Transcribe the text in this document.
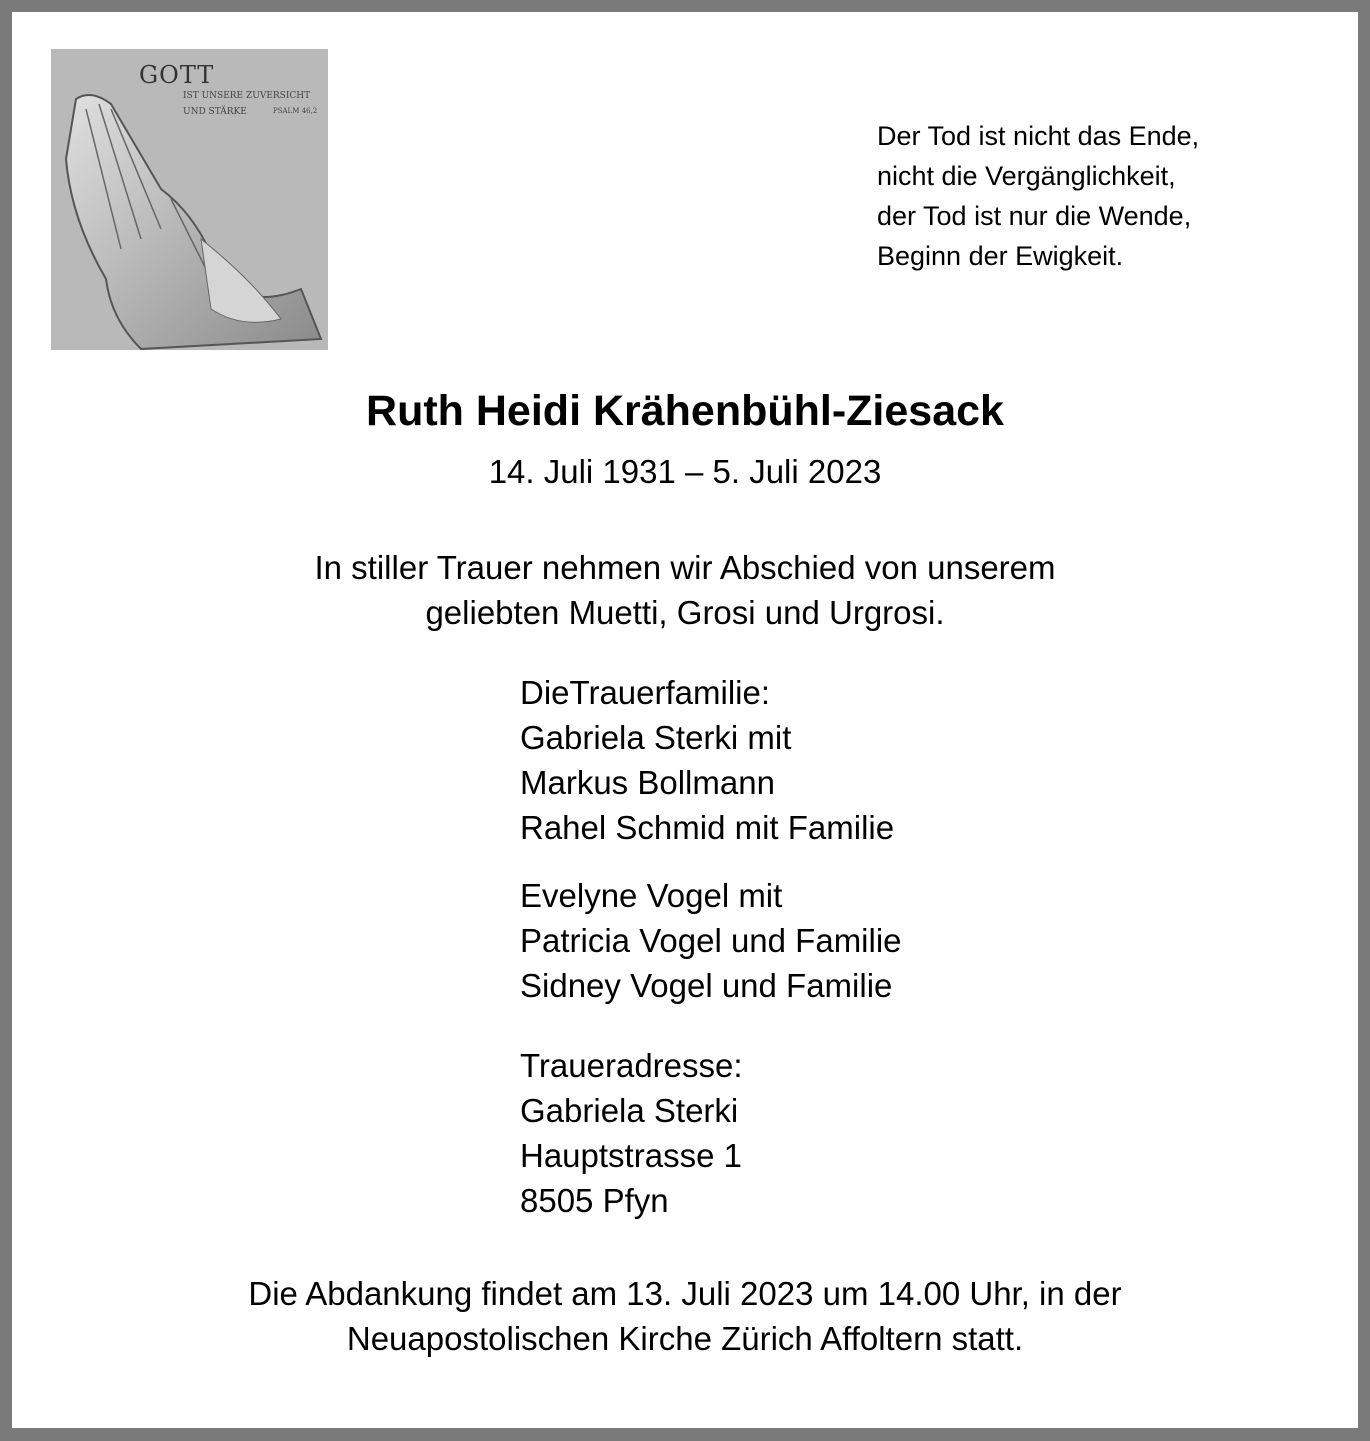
GOTT
IST UNSERE ZUVERSICHT
UND STÄRKE	PSALM 46,2
Der Tod ist nicht das Ende,
nicht die Vergänglichkeit,
der Tod ist nur die Wende,
Beginn der Ewigkeit.
Ruth Heidi Krähenbühl-Ziesack
14. Juli 1931 – 5. Juli 2023
In stiller Trauer nehmen wir Abschied von unserem
geliebten Muetti, Grosi und Urgrosi.
DieTrauerfamilie:
Gabriela Sterki mit
Markus Bollmann
Rahel Schmid mit Familie
Evelyne Vogel mit
Patricia Vogel und Familie
Sidney Vogel und Familie
Traueradresse:
Gabriela Sterki
Hauptstrasse 1
8505 Pfyn
Die Abdankung findet am 13. Juli 2023 um 14.00 Uhr, in der
Neuapostolischen Kirche Zürich Affoltern statt.
